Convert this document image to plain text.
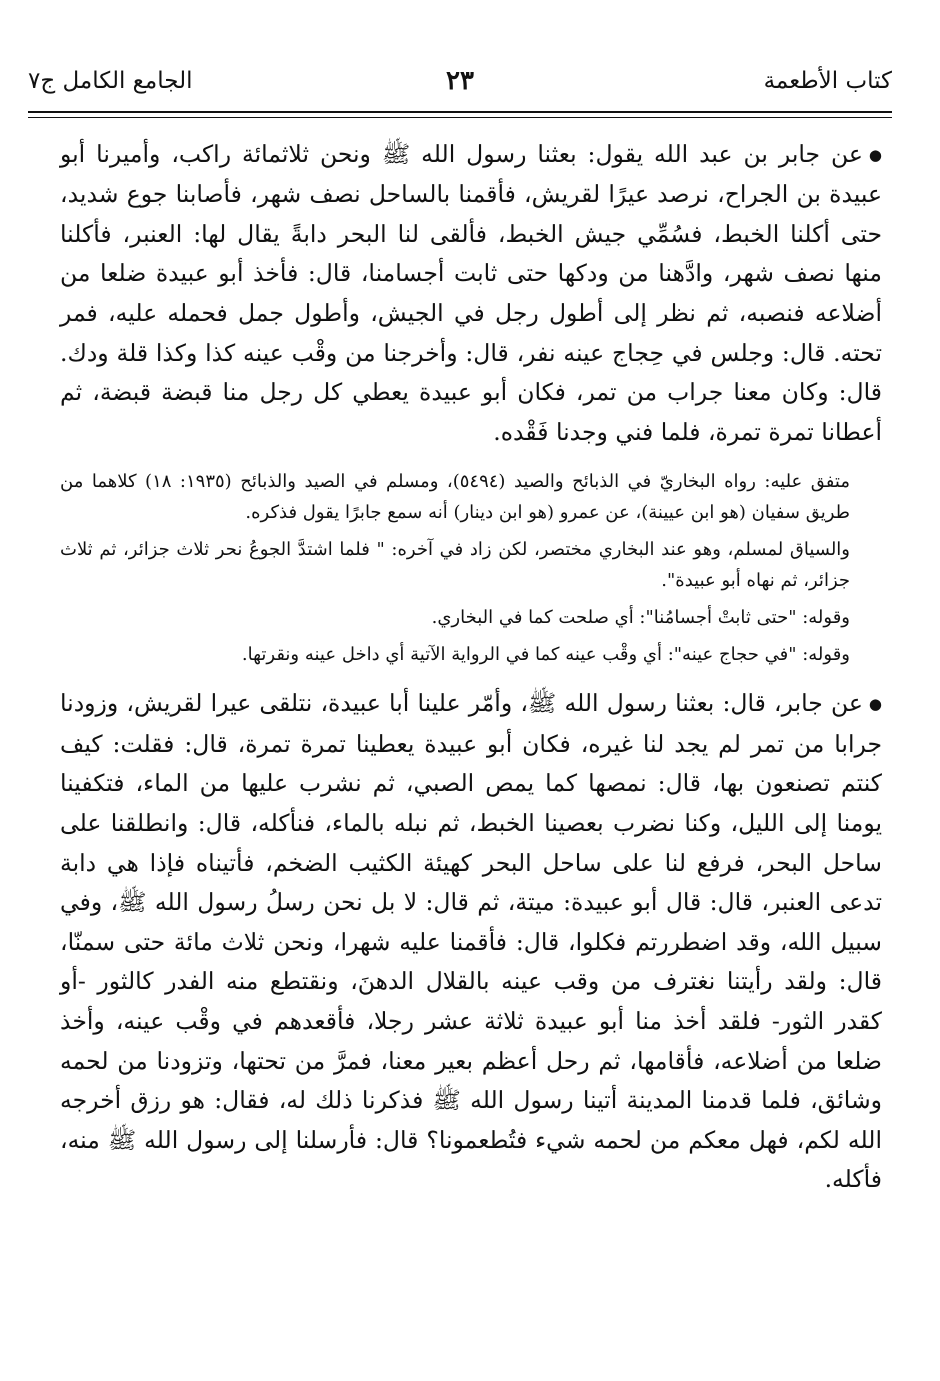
كتاب الأطعمة
٢٣
الجامع الكامل ج٧

●عن جابر بن عبد الله يقول: بعثنا رسول الله ﷺ ونحن ثلاثمائة راكب، وأميرنا أبو عبيدة بن الجراح، نرصد عيرًا لقريش، فأقمنا بالساحل نصف شهر، فأصابنا جوع شديد، حتى أكلنا الخبط، فسُمِّي جيش الخبط، فألقى لنا البحر دابةً يقال لها: العنبر، فأكلنا منها نصف شهر، وادَّهنا من ودكها حتى ثابت أجسامنا، قال: فأخذ أبو عبيدة ضلعا من أضلاعه فنصبه، ثم نظر إلى أطول رجل في الجيش، وأطول جمل فحمله عليه، فمر تحته. قال: وجلس في حِجاج عينه نفر، قال: وأخرجنا من وقْب عينه كذا وكذا قلة ودك. قال: وكان معنا جراب من تمر، فكان أبو عبيدة يعطي كل رجل منا قبضة قبضة، ثم أعطانا تمرة تمرة، فلما فني وجدنا فَقْده.

متفق عليه: رواه البخاريّ في الذبائح والصيد (٥٤٩٤)، ومسلم في الصيد والذبائح (١٩٣٥: ١٨) كلاهما من طريق سفيان (هو ابن عيينة)، عن عمرو (هو ابن دينار) أنه سمع جابرًا يقول فذكره.

والسياق لمسلم، وهو عند البخاري مختصر، لكن زاد في آخره: " فلما اشتدَّ الجوعُ نحر ثلاث جزائر، ثم ثلاث جزائر، ثم نهاه أبو عبيدة".

وقوله: "حتى ثابتْ أجسامُنا": أي صلحت كما في البخاري.

وقوله: "في حجاج عينه": أي وقْب عينه كما في الرواية الآتية أي داخل عينه ونقرتها.

●عن جابر، قال: بعثنا رسول الله ﷺ، وأمّر علينا أبا عبيدة، نتلقى عيرا لقريش، وزودنا جرابا من تمر لم يجد لنا غيره، فكان أبو عبيدة يعطينا تمرة تمرة، قال: فقلت: كيف كنتم تصنعون بها، قال: نمصها كما يمص الصبي، ثم نشرب عليها من الماء، فتكفينا يومنا إلى الليل، وكنا نضرب بعصينا الخبط، ثم نبله بالماء، فنأكله، قال: وانطلقنا على ساحل البحر، فرفع لنا على ساحل البحر كهيئة الكثيب الضخم، فأتيناه فإذا هي دابة تدعى العنبر، قال: قال أبو عبيدة: ميتة، ثم قال: لا بل نحن رسلُ رسول الله ﷺ، وفي سبيل الله، وقد اضطررتم فكلوا، قال: فأقمنا عليه شهرا، ونحن ثلاث مائة حتى سمنّا، قال: ولقد رأيتنا نغترف من وقب عينه بالقلال الدهنَ، ونقتطع منه الفدر كالثور -أو كقدر الثور- فلقد أخذ منا أبو عبيدة ثلاثة عشر رجلا، فأقعدهم في وقْب عينه، وأخذ ضلعا من أضلاعه، فأقامها، ثم رحل أعظم بعير معنا، فمرَّ من تحتها، وتزودنا من لحمه وشائق، فلما قدمنا المدينة أتينا رسول الله ﷺ فذكرنا ذلك له، فقال: هو رزق أخرجه الله لكم، فهل معكم من لحمه شيء فتُطعمونا؟ قال: فأرسلنا إلى رسول الله ﷺ منه، فأكله.
